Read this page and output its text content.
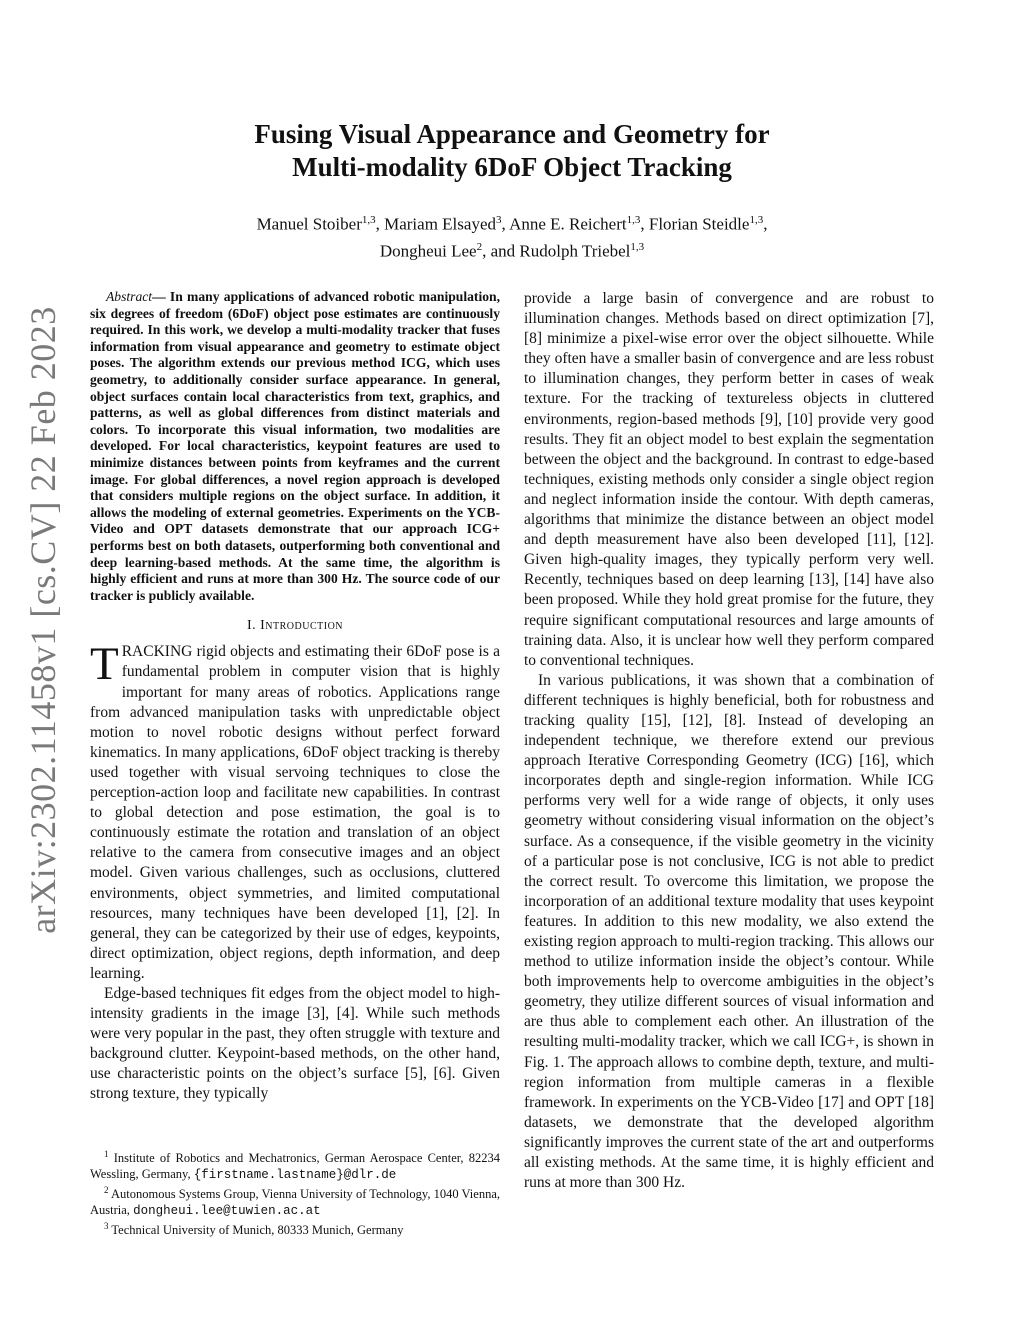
arXiv:2302.11458v1 [cs.CV] 22 Feb 2023
Fusing Visual Appearance and Geometry for
Multi-modality 6DoF Object Tracking
Manuel Stoiber$^{1,3}$, Mariam Elsayed$^3$, Anne E. Reichert$^{1,3}$, Florian Steidle$^{1,3}$,
Dongheui Lee$^2$, and Rudolph Triebel$^{1,3}$

Abstract— In many applications of advanced robotic manipulation, six degrees of freedom (6DoF) object pose estimates are continuously required. In this work, we develop a multi-modality tracker that fuses information from visual appearance and geometry to estimate object poses. The algorithm extends our previous method ICG, which uses geometry, to additionally consider surface appearance. In general, object surfaces contain local characteristics from text, graphics, and patterns, as well as global differences from distinct materials and colors. To incorporate this visual information, two modalities are developed. For local characteristics, keypoint features are used to minimize distances between points from keyframes and the current image. For global differences, a novel region approach is developed that considers multiple regions on the object surface. In addition, it allows the modeling of external geometries. Experiments on the YCB-Video and OPT datasets demonstrate that our approach ICG+ performs best on both datasets, outperforming both conventional and deep learning-based methods. At the same time, the algorithm is highly efficient and runs at more than 300 Hz. The source code of our tracker is publicly available.

I. Introduction

TRACKING rigid objects and estimating their 6DoF pose is a fundamental problem in computer vision that is highly important for many areas of robotics. Applications range from advanced manipulation tasks with unpredictable object motion to novel robotic designs without perfect forward kinematics. In many applications, 6DoF object tracking is thereby used together with visual servoing techniques to close the perception-action loop and facilitate new capabilities. In contrast to global detection and pose estimation, the goal is to continuously estimate the rotation and translation of an object relative to the camera from consecutive images and an object model. Given various challenges, such as occlusions, cluttered environments, object symmetries, and limited computational resources, many techniques have been developed [1], [2]. In general, they can be categorized by their use of edges, keypoints, direct optimization, object regions, depth information, and deep learning.

Edge-based techniques fit edges from the object model to high-intensity gradients in the image [3], [4]. While such methods were very popular in the past, they often struggle with texture and background clutter. Keypoint-based methods, on the other hand, use characteristic points on the object’s surface [5], [6]. Given strong texture, they typically

provide a large basin of convergence and are robust to illumination changes. Methods based on direct optimization [7], [8] minimize a pixel-wise error over the object silhouette. While they often have a smaller basin of convergence and are less robust to illumination changes, they perform better in cases of weak texture. For the tracking of textureless objects in cluttered environments, region-based methods [9], [10] provide very good results. They fit an object model to best explain the segmentation between the object and the background. In contrast to edge-based techniques, existing methods only consider a single object region and neglect information inside the contour. With depth cameras, algorithms that minimize the distance between an object model and depth measurement have also been developed [11], [12]. Given high-quality images, they typically perform very well. Recently, techniques based on deep learning [13], [14] have also been proposed. While they hold great promise for the future, they require significant computational resources and large amounts of training data. Also, it is unclear how well they perform compared to conventional techniques.

In various publications, it was shown that a combination of different techniques is highly beneficial, both for robustness and tracking quality [15], [12], [8]. Instead of developing an independent technique, we therefore extend our previous approach Iterative Corresponding Geometry (ICG) [16], which incorporates depth and single-region information. While ICG performs very well for a wide range of objects, it only uses geometry without considering visual information on the object’s surface. As a consequence, if the visible geometry in the vicinity of a particular pose is not conclusive, ICG is not able to predict the correct result. To overcome this limitation, we propose the incorporation of an additional texture modality that uses keypoint features. In addition to this new modality, we also extend the existing region approach to multi-region tracking. This allows our method to utilize information inside the object’s contour. While both improvements help to overcome ambiguities in the object’s geometry, they utilize different sources of visual information and are thus able to complement each other. An illustration of the resulting multi-modality tracker, which we call ICG+, is shown in Fig. 1. The approach allows to combine depth, texture, and multi-region information from multiple cameras in a flexible framework. In experiments on the YCB-Video [17] and OPT [18] datasets, we demonstrate that the developed algorithm significantly improves the current state of the art and outperforms all existing methods. At the same time, it is highly efficient and runs at more than 300 Hz.

$^1$ Institute of Robotics and Mechatronics, German Aerospace Center, 82234 Wessling, Germany, {firstname.lastname}@dlr.de

$^2$ Autonomous Systems Group, Vienna University of Technology, 1040 Vienna, Austria, dongheui.lee@tuwien.ac.at

$^3$ Technical University of Munich, 80333 Munich, Germany
